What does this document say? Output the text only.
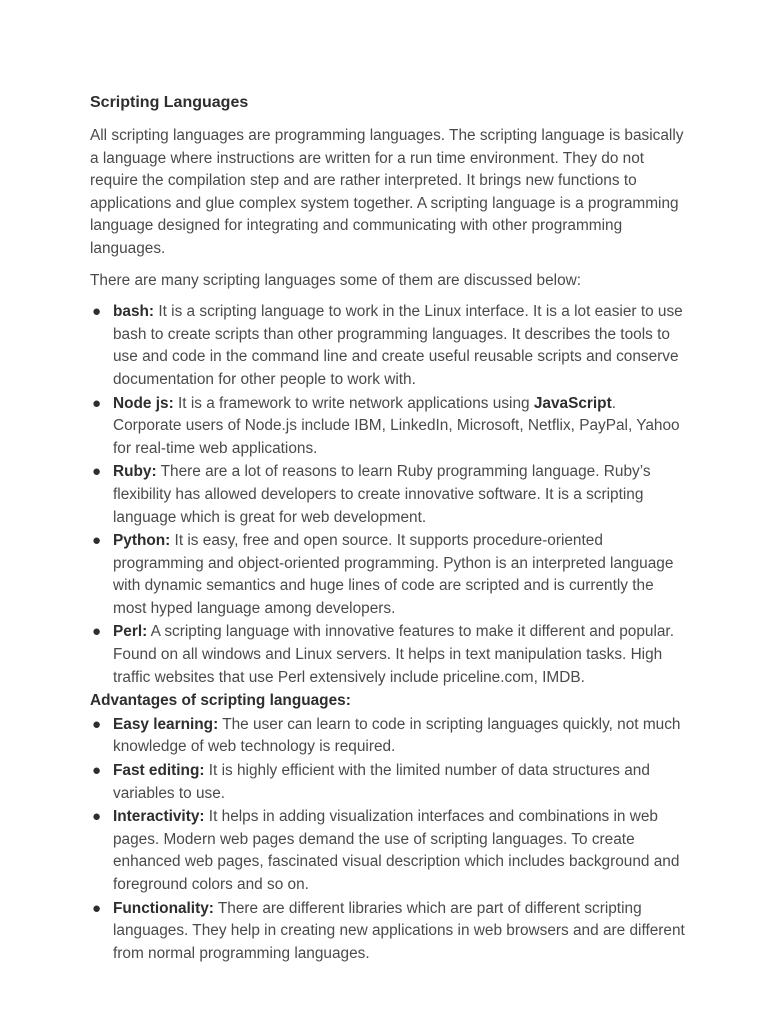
Scripting Languages

All scripting languages are programming languages. The scripting language is basically a language where instructions are written for a run time environment. They do not require the compilation step and are rather interpreted. It brings new functions to applications and glue complex system together. A scripting language is a programming language designed for integrating and communicating with other programming languages.

There are many scripting languages some of them are discussed below:

● bash: It is a scripting language to work in the Linux interface. It is a lot easier to use bash to create scripts than other programming languages. It describes the tools to use and code in the command line and create useful reusable scripts and conserve documentation for other people to work with.
● Node js: It is a framework to write network applications using JavaScript. Corporate users of Node.js include IBM, LinkedIn, Microsoft, Netflix, PayPal, Yahoo for real-time web applications.
● Ruby: There are a lot of reasons to learn Ruby programming language. Ruby’s flexibility has allowed developers to create innovative software. It is a scripting language which is great for web development.
● Python: It is easy, free and open source. It supports procedure-oriented programming and object-oriented programming. Python is an interpreted language with dynamic semantics and huge lines of code are scripted and is currently the most hyped language among developers.
● Perl: A scripting language with innovative features to make it different and popular. Found on all windows and Linux servers. It helps in text manipulation tasks. High traffic websites that use Perl extensively include priceline.com, IMDB.
Advantages of scripting languages:
● Easy learning: The user can learn to code in scripting languages quickly, not much knowledge of web technology is required.
● Fast editing: It is highly efficient with the limited number of data structures and variables to use.
● Interactivity: It helps in adding visualization interfaces and combinations in web pages. Modern web pages demand the use of scripting languages. To create enhanced web pages, fascinated visual description which includes background and foreground colors and so on.
● Functionality: There are different libraries which are part of different scripting languages. They help in creating new applications in web browsers and are different from normal programming languages.
